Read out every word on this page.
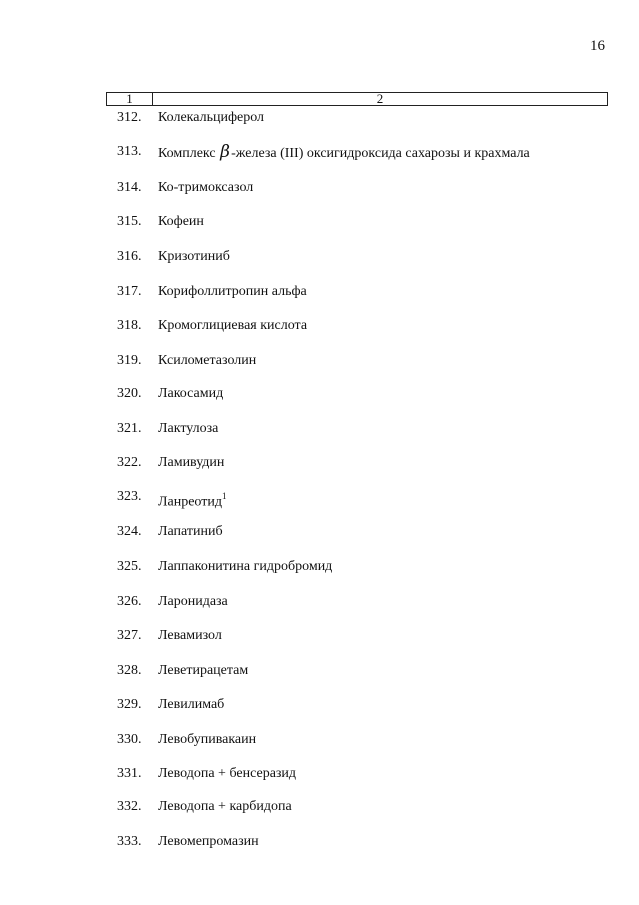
16
1	2
312. Колекальциферол
313. Комплекс β-железа (III) оксигидроксида сахарозы и крахмала
314. Ко-тримоксазол
315. Кофеин
316. Кризотиниб
317. Корифоллитропин альфа
318. Кромоглициевая кислота
319. Ксилометазолин
320. Лакосамид
321. Лактулоза
322. Ламивудин
323. Ланреотид$^1$
324. Лапатиниб
325. Лаппаконитина гидробромид
326. Ларонидаза
327. Левамизол
328. Леветирацетам
329. Левилимаб
330. Левобупивакаин
331. Леводопа + бенсеразид
332. Леводопа + карбидопа
333. Левомепромазин
